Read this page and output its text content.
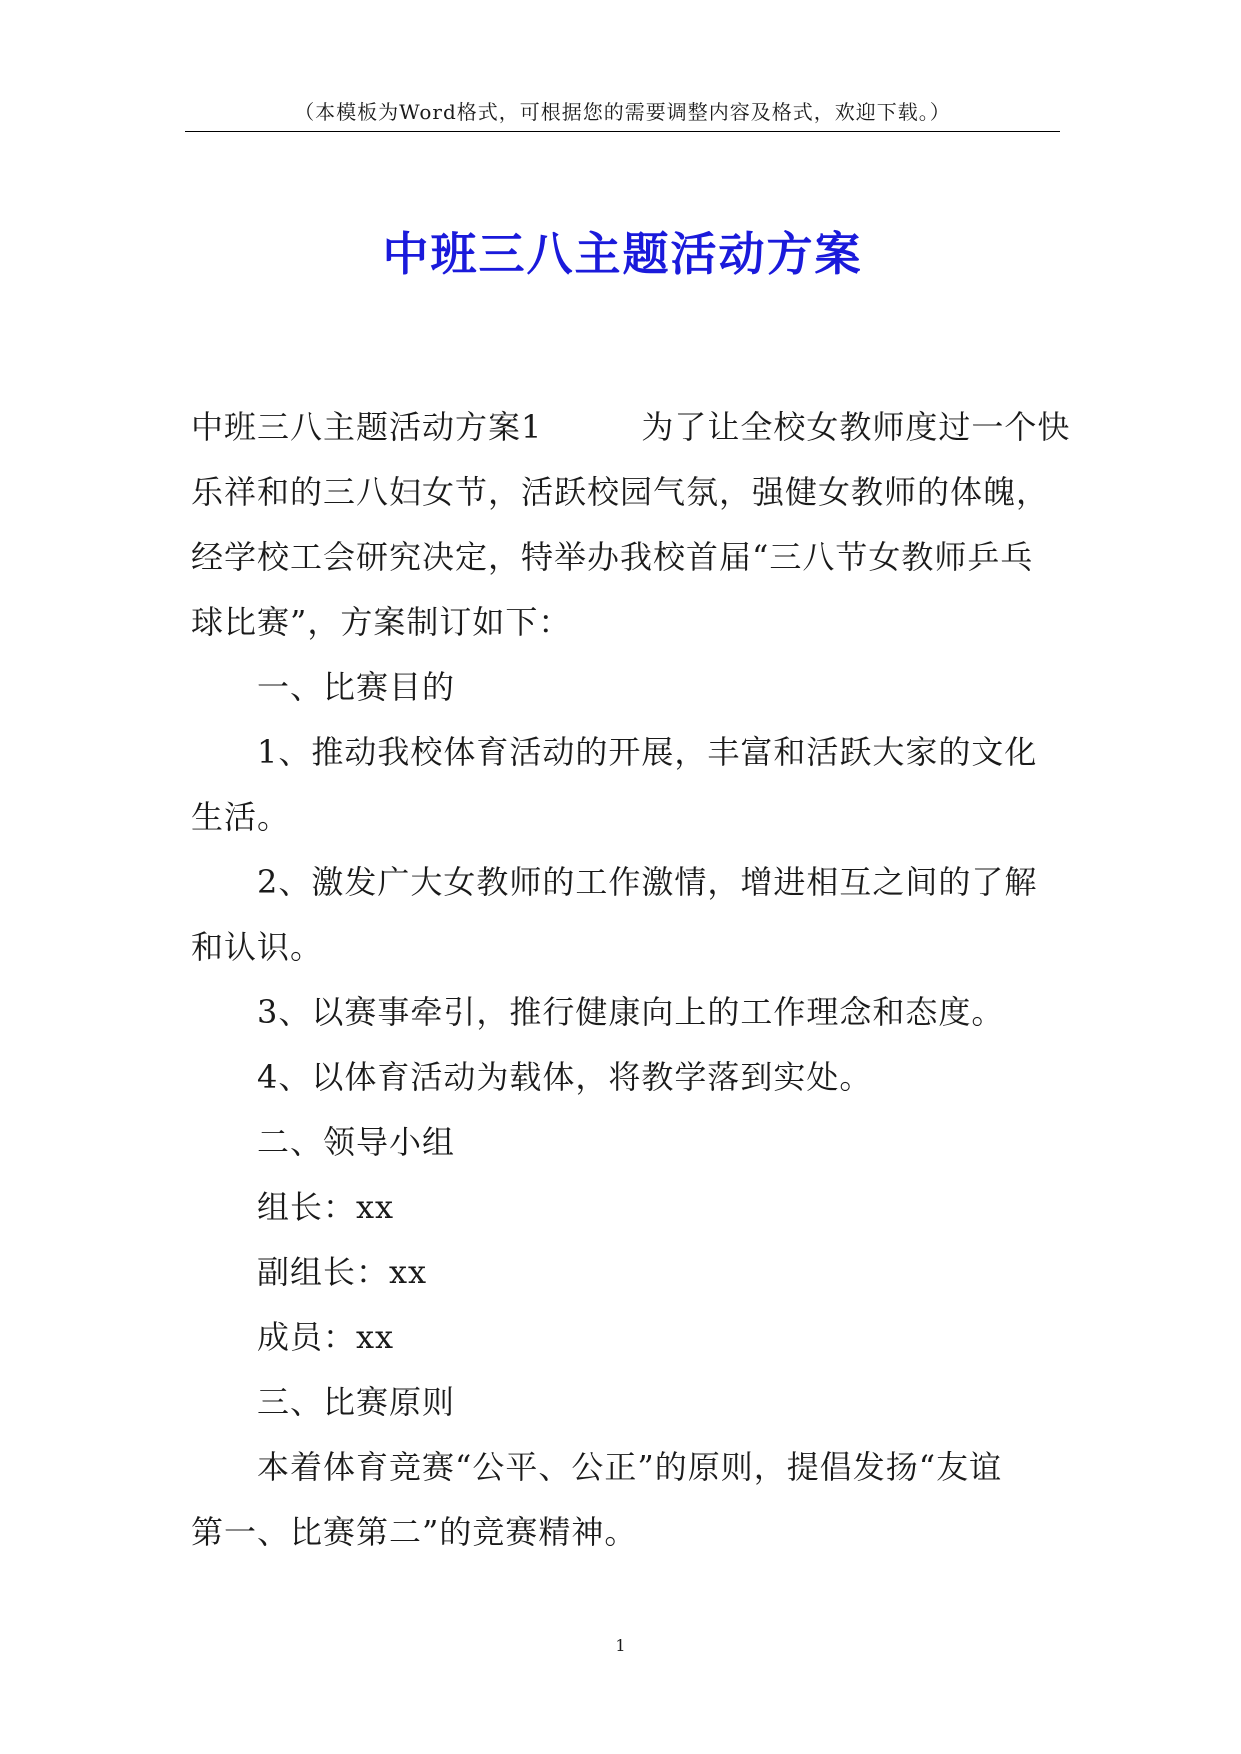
（本模板为Word格式，可根据您的需要调整内容及格式，欢迎下载。）
中班三八主题活动方案

中班三八主题活动方案1　　　为了让全校女教师度过一个快
乐祥和的三八妇女节，活跃校园气氛，强健女教师的体魄，
经学校工会研究决定，特举办我校首届“三八节女教师乒乓
球比赛”，方案制订如下：

一、比赛目的

1、推动我校体育活动的开展，丰富和活跃大家的文化
生活。

2、激发广大女教师的工作激情，增进相互之间的了解
和认识。

3、以赛事牵引，推行健康向上的工作理念和态度。

4、以体育活动为载体，将教学落到实处。

二、领导小组

组长：xx

副组长：xx

成员：xx

三、比赛原则

本着体育竞赛“公平、公正”的原则，提倡发扬“友谊
第一、比赛第二”的竞赛精神。

1
